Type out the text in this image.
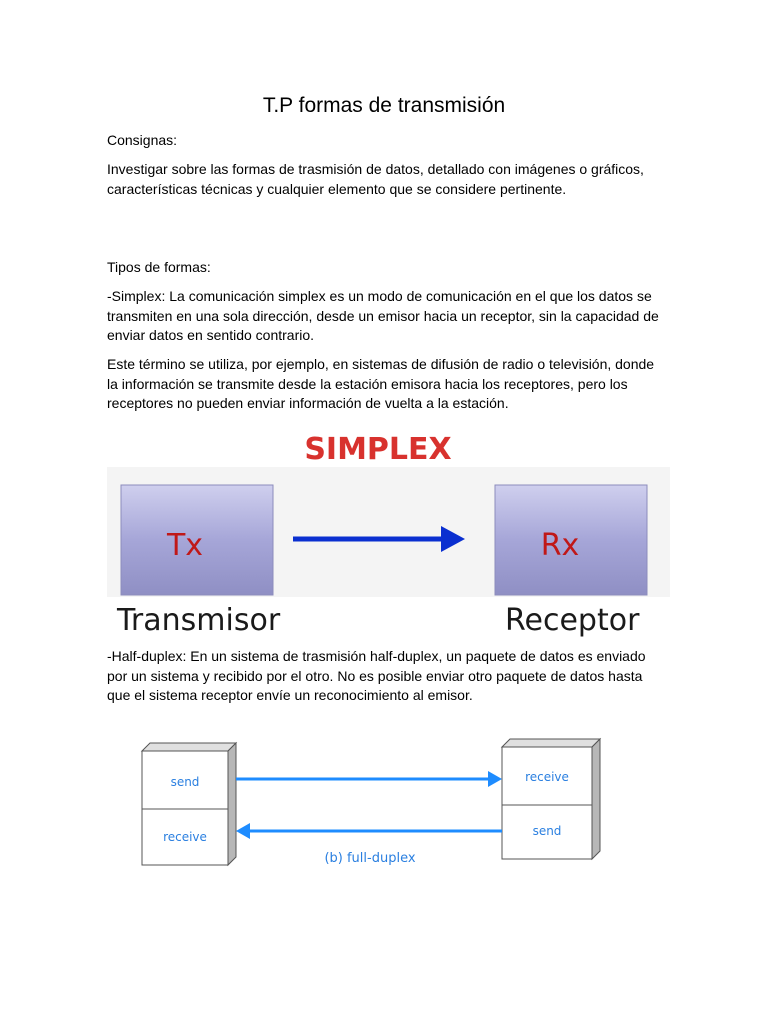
T.P formas de transmisión

Consignas:

Investigar sobre las formas de trasmisión de datos, detallado con imágenes o gráficos, características técnicas y cualquier elemento que se considere pertinente.

Tipos de formas:

-Simplex: La comunicación simplex es un modo de comunicación en el que los datos se transmiten en una sola dirección, desde un emisor hacia un receptor, sin la capacidad de enviar datos en sentido contrario.

Este término se utiliza, por ejemplo, en sistemas de difusión de radio o televisión, donde la información se transmite desde la estación emisora hacia los receptores, pero los receptores no pueden enviar información de vuelta a la estación.

SIMPLEX
Tx	Rx
Transmisor	Receptor

-Half-duplex: En un sistema de trasmisión half-duplex, un paquete de datos es enviado por un sistema y recibido por el otro. No es posible enviar otro paquete de datos hasta que el sistema receptor envíe un reconocimiento al emisor.

send
receive
receive
send
(b) full-duplex
